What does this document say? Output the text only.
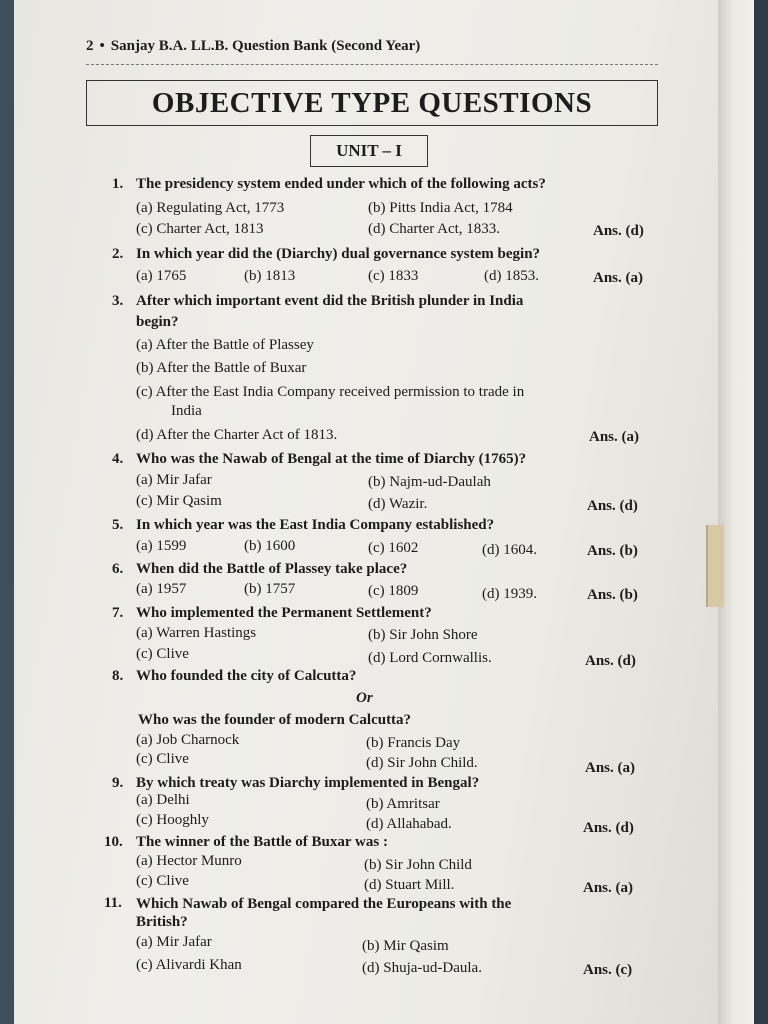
2 • Sanjay B.A. LL.B. Question Bank (Second Year)
OBJECTIVE TYPE QUESTIONS
UNIT – I
1. The presidency system ended under which of the following acts?
(a) Regulating Act, 1773	(b) Pitts India Act, 1784
(c) Charter Act, 1813	(d) Charter Act, 1833.	Ans. (d)
2. In which year did the (Diarchy) dual governance system begin?
(a) 1765	(b) 1813	(c) 1833	(d) 1853.	Ans. (a)
3. After which important event did the British plunder in India
begin?
(a) After the Battle of Plassey
(b) After the Battle of Buxar
(c) After the East India Company received permission to trade in
India
(d) After the Charter Act of 1813.	Ans. (a)
4. Who was the Nawab of Bengal at the time of Diarchy (1765)?
(a) Mir Jafar	(b) Najm-ud-Daulah
(c) Mir Qasim	(d) Wazir.	Ans. (d)
5. In which year was the East India Company established?
(a) 1599	(b) 1600	(c) 1602	(d) 1604.	Ans. (b)
6. When did the Battle of Plassey take place?
(a) 1957	(b) 1757	(c) 1809	(d) 1939.	Ans. (b)
7. Who implemented the Permanent Settlement?
(a) Warren Hastings	(b) Sir John Shore
(c) Clive	(d) Lord Cornwallis.	Ans. (d)
8. Who founded the city of Calcutta?
Or
Who was the founder of modern Calcutta?
(a) Job Charnock	(b) Francis Day
(c) Clive	(d) Sir John Child.	Ans. (a)
9. By which treaty was Diarchy implemented in Bengal?
(a) Delhi	(b) Amritsar
(c) Hooghly	(d) Allahabad.	Ans. (d)
10. The winner of the Battle of Buxar was :
(a) Hector Munro	(b) Sir John Child
(c) Clive	(d) Stuart Mill.	Ans. (a)
11. Which Nawab of Bengal compared the Europeans with the
British?
(a) Mir Jafar	(b) Mir Qasim
(c) Alivardi Khan	(d) Shuja-ud-Daula.	Ans. (c)
